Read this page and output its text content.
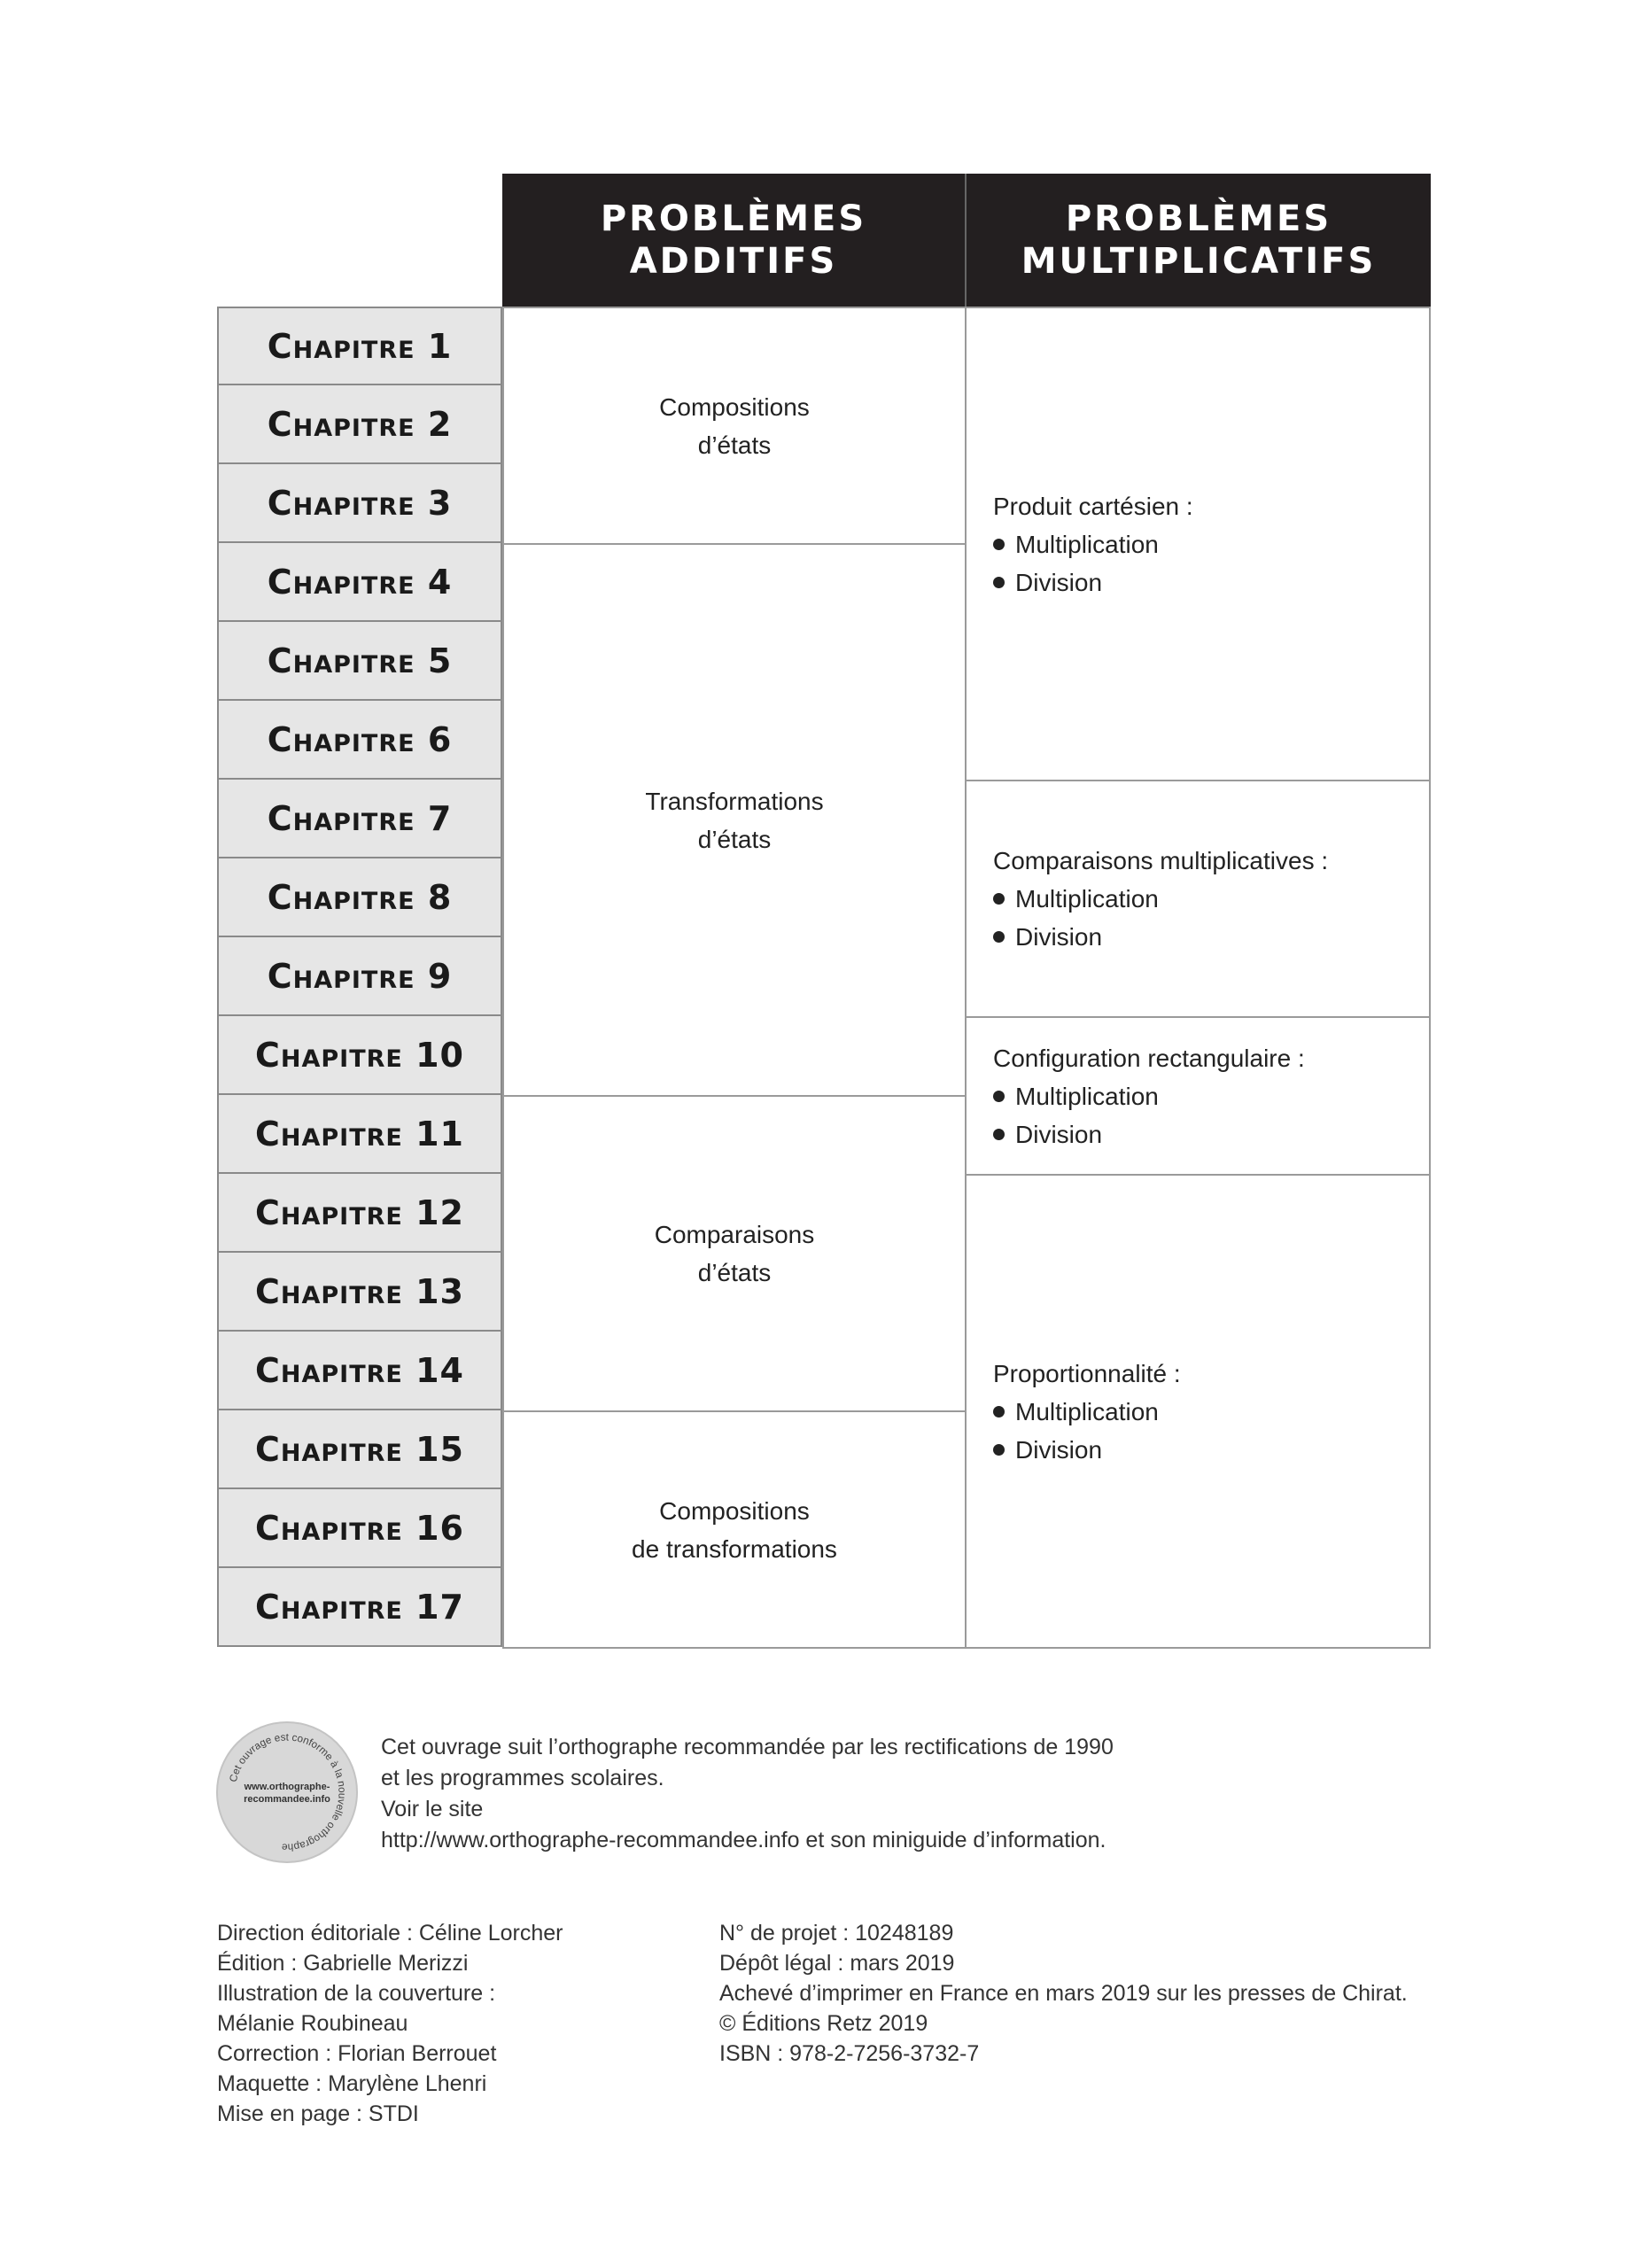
PROBLÈMES
ADDITIFS
PROBLÈMES
MULTIPLICATIFS
Chapitre 1
Chapitre 2
Chapitre 3
Chapitre 4
Chapitre 5
Chapitre 6
Chapitre 7
Chapitre 8
Chapitre 9
Chapitre 10
Chapitre 11
Chapitre 12
Chapitre 13
Chapitre 14
Chapitre 15
Chapitre 16
Chapitre 17
Compositions
d’états
Transformations
d’états
Comparaisons
d’états
Compositions
de transformations
Produit cartésien :
Multiplication
Division
Comparaisons multiplicatives :
Multiplication
Division
Configuration rectangulaire :
Multiplication
Division
Proportionnalité :
Multiplication
Division
Cet ouvrage est conforme à la nouvelle orthographe
www.orthographe-
recommandee.info
Cet ouvrage suit l’orthographe recommandée par les rectifications de 1990
et les programmes scolaires.
Voir le site
http://www.orthographe-recommandee.info et son miniguide d’information.
Direction éditoriale : Céline Lorcher
Édition : Gabrielle Merizzi
Illustration de la couverture :
Mélanie Roubineau
Correction : Florian Berrouet
Maquette : Marylène Lhenri
Mise en page : STDI
N° de projet : 10248189
Dépôt légal : mars 2019
Achevé d’imprimer en France en mars 2019 sur les presses de Chirat.
© Éditions Retz 2019
ISBN : 978-2-7256-3732-7
